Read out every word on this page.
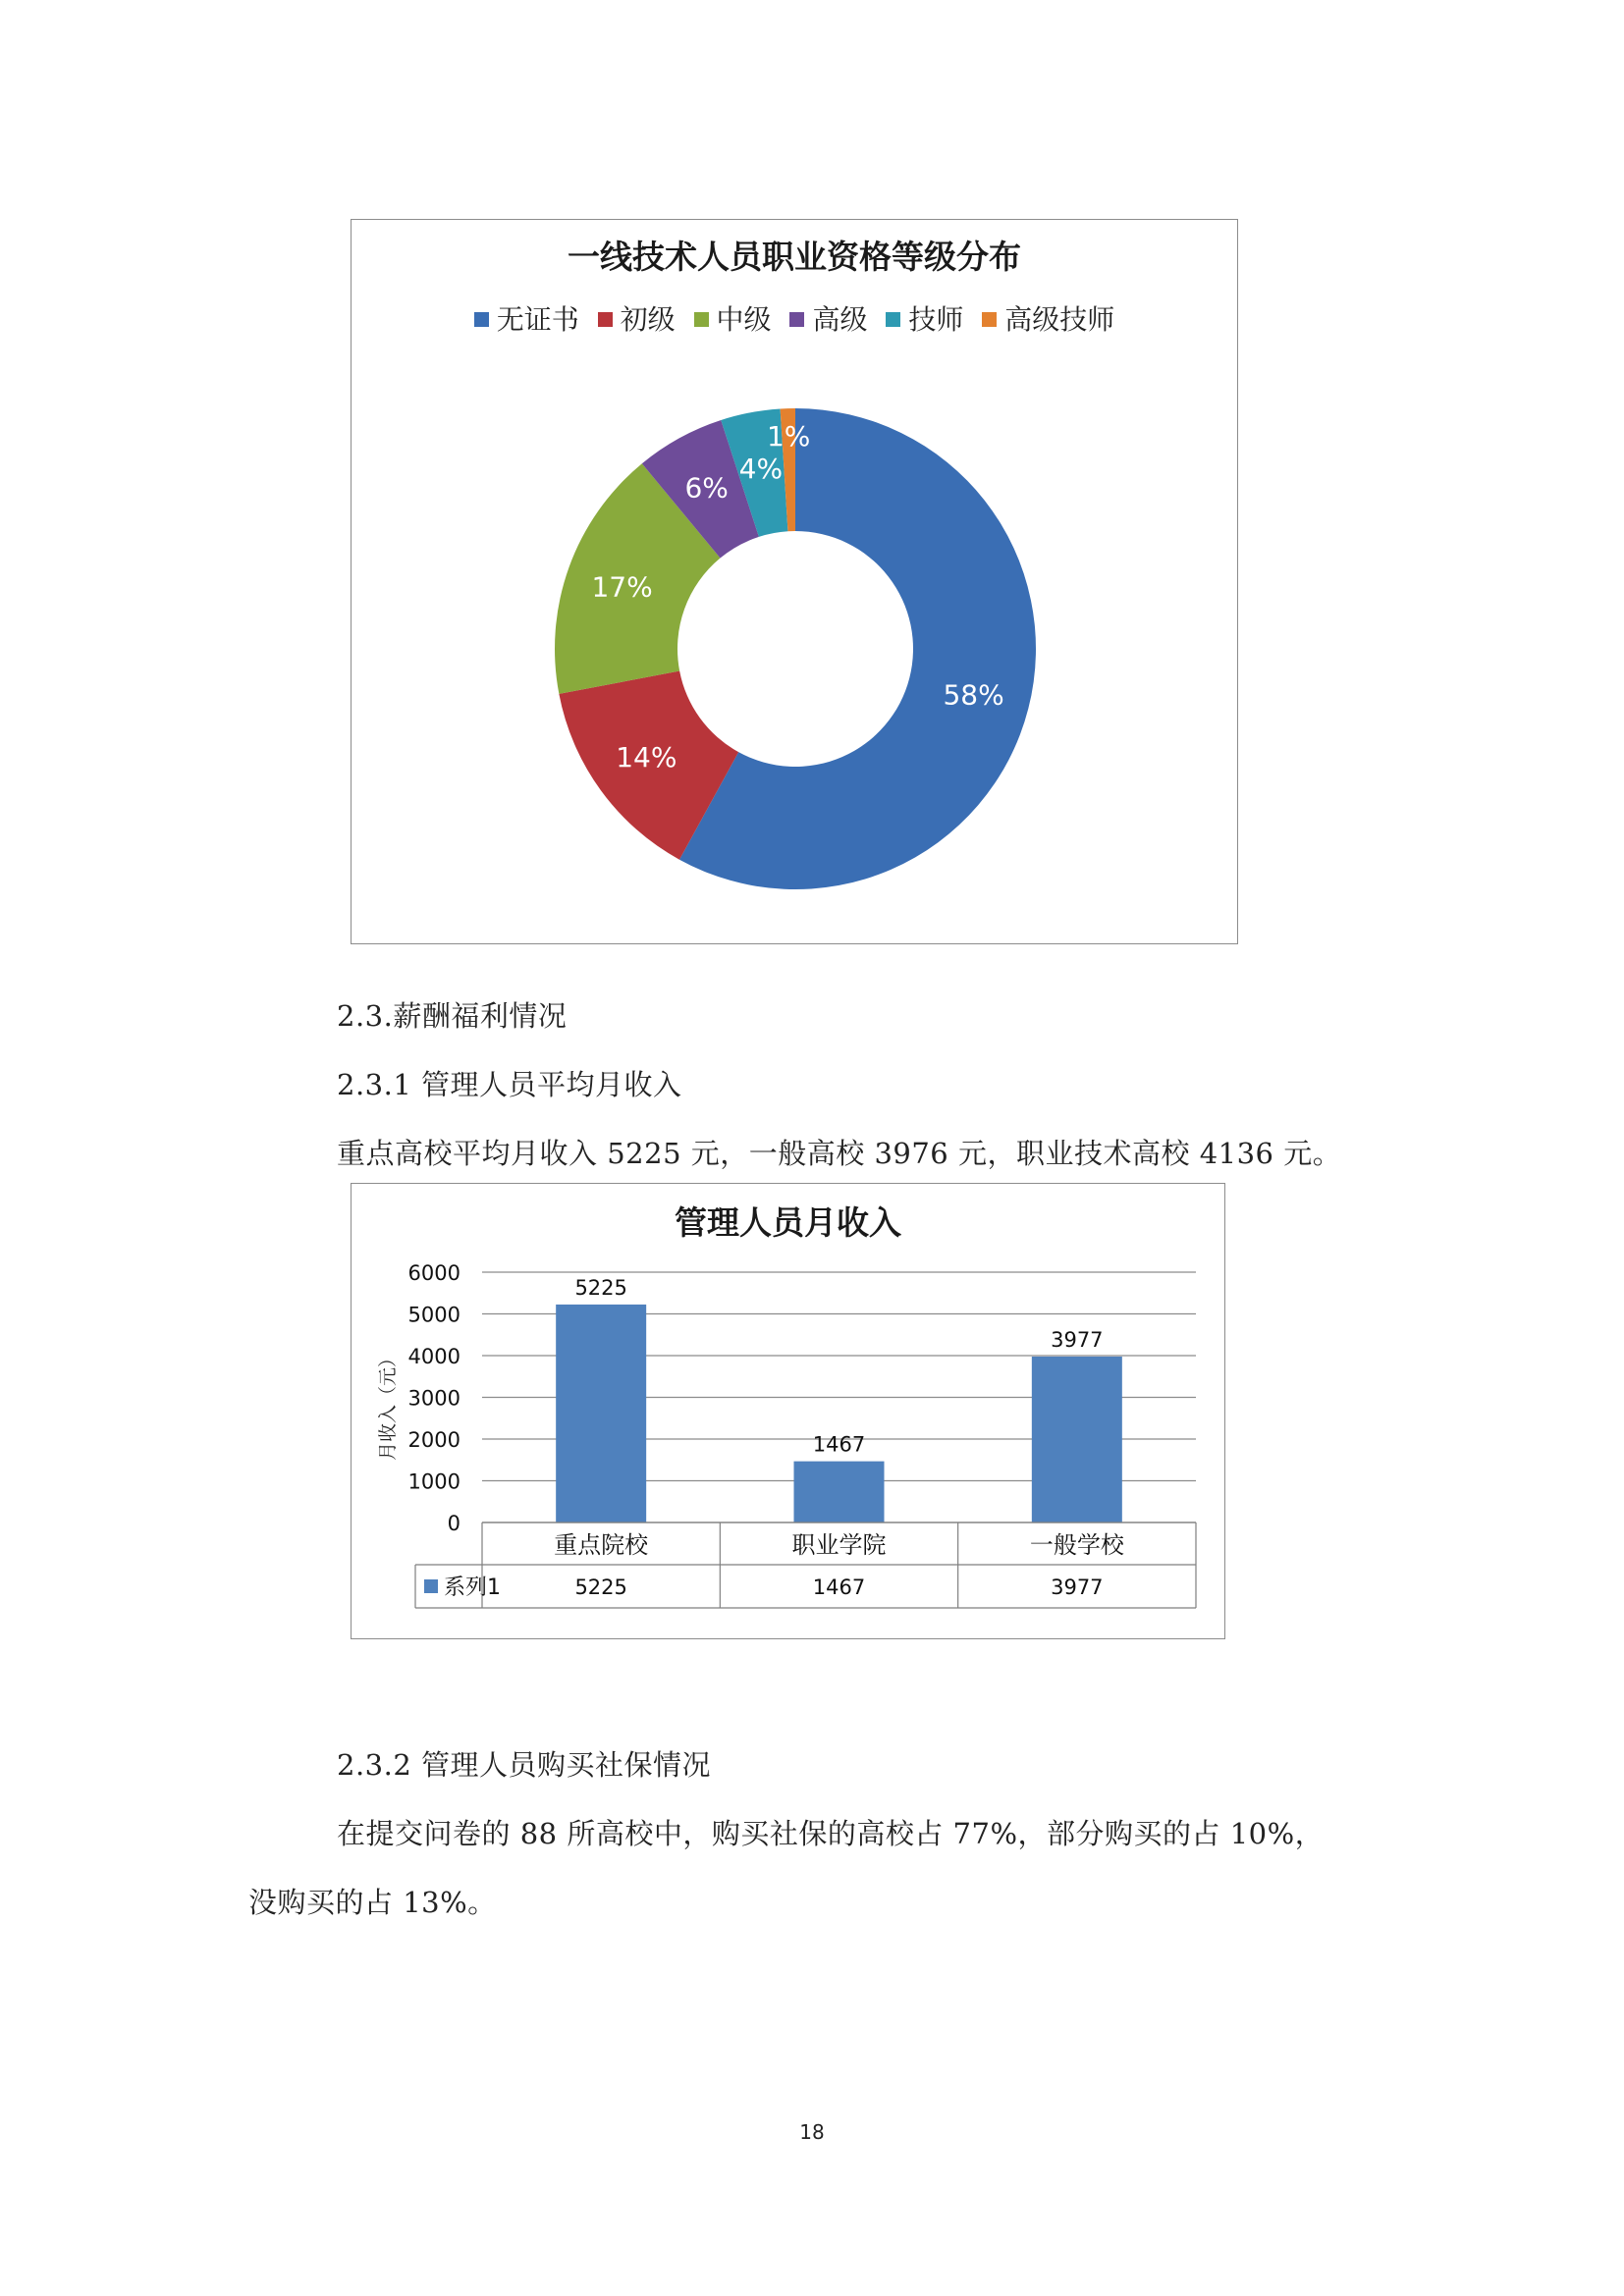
一线技术人员职业资格等级分布
无证书 初级 中级 高级 技师 高级技师
58%
14%
17%
6%
4%
1%
2.3.薪酬福利情况
2.3.1 管理人员平均月收入
重点高校平均月收入 5225 元，一般高校 3976 元，职业技术高校 4136 元。
管理人员月收入
月收入（元）
0
1000
2000
3000
4000
5000
6000
5225
1467
3977
重点院校
5225
职业学院
1467
一般学校
3977
系列1
2.3.2 管理人员购买社保情况
在提交问卷的 88 所高校中，购买社保的高校占 77%，部分购买的占 10%，
没购买的占 13%。
18
